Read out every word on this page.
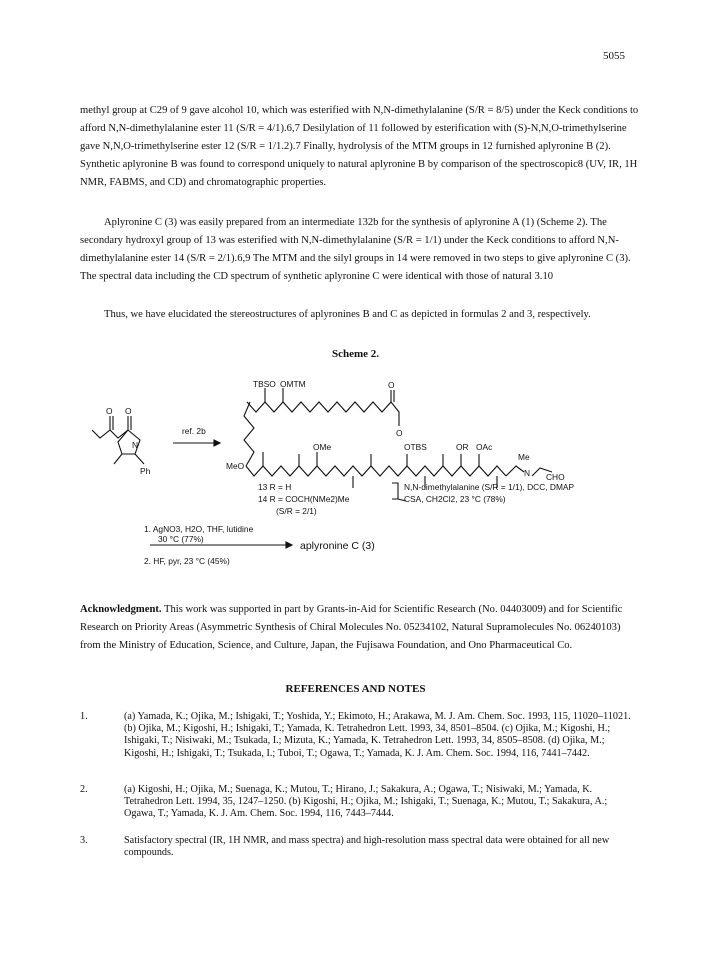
5055

methyl group at C29 of 9 gave alcohol 10, which was esterified with N,N-dimethylalanine (S/R = 8/5) under the Keck conditions to afford N,N-dimethylalanine ester 11 (S/R = 4/1).6,7 Desilylation of 11 followed by esterification with (S)-N,N,O-trimethylserine gave N,N,O-trimethylserine ester 12 (S/R = 1/1.2).7 Finally, hydrolysis of the MTM groups in 12 furnished aplyronine B (2). Synthetic aplyronine B was found to correspond uniquely to natural aplyronine B by comparison of the spectroscopic8 (UV, IR, 1H NMR, FABMS, and CD) and chromatographic properties.

Aplyronine C (3) was easily prepared from an intermediate 132b for the synthesis of aplyronine A (1) (Scheme 2). The secondary hydroxyl group of 13 was esterified with N,N-dimethylalanine (S/R = 1/1) under the Keck conditions to afford N,N-dimethylalanine ester 14 (S/R = 2/1).6,9 The MTM and the silyl groups in 14 were removed in two steps to give aplyronine C (3). The spectral data including the CD spectrum of synthetic aplyronine C were identical with those of natural 3.10

Thus, we have elucidated the stereostructures of aplyronines B and C as depicted in formulas 2 and 3, respectively.

Scheme 2.
ref. 2b
Ph
N
O O
TBSO OMTM	O
O
OMe	OTBS	OR OAc
Me
N CHO
MeO
13 R = H
14 R = COCH(NMe2)Me
(S/R = 2/1)
N,N-dimethylalanine (S/R = 1/1), DCC, DMAP
CSA, CH2Cl2, 23 °C (78%)
1. AgNO3, H2O, THF, lutidine
30 °C (77%)
2. HF, pyr, 23 °C (45%)
aplyronine C (3)

Acknowledgment. This work was supported in part by Grants-in-Aid for Scientific Research (No. 04403009) and for Scientific Research on Priority Areas (Asymmetric Synthesis of Chiral Molecules No. 05234102, Natural Supramolecules No. 06240103) from the Ministry of Education, Science, and Culture, Japan, the Fujisawa Foundation, and Ono Pharmaceutical Co.

REFERENCES AND NOTES
1.	(a) Yamada, K.; Ojika, M.; Ishigaki, T.; Yoshida, Y.; Ekimoto, H.; Arakawa, M. J. Am. Chem. Soc. 1993, 115, 11020–11021. (b) Ojika, M.; Kigoshi, H.; Ishigaki, T.; Yamada, K. Tetrahedron Lett. 1993, 34, 8501–8504. (c) Ojika, M.; Kigoshi, H.; Ishigaki, T.; Nisiwaki, M.; Tsukada, I.; Mizuta, K.; Yamada, K. Tetrahedron Lett. 1993, 34, 8505–8508. (d) Ojika, M.; Kigoshi, H.; Ishigaki, T.; Tsukada, I.; Tuboi, T.; Ogawa, T.; Yamada, K. J. Am. Chem. Soc. 1994, 116, 7441–7442.
2.	(a) Kigoshi, H.; Ojika, M.; Suenaga, K.; Mutou, T.; Hirano, J.; Sakakura, A.; Ogawa, T.; Nisiwaki, M.; Yamada, K. Tetrahedron Lett. 1994, 35, 1247–1250. (b) Kigoshi, H.; Ojika, M.; Ishigaki, T.; Suenaga, K.; Mutou, T.; Sakakura, A.; Ogawa, T.; Yamada, K. J. Am. Chem. Soc. 1994, 116, 7443–7444.
3.	Satisfactory spectral (IR, 1H NMR, and mass spectra) and high-resolution mass spectral data were obtained for all new compounds.
